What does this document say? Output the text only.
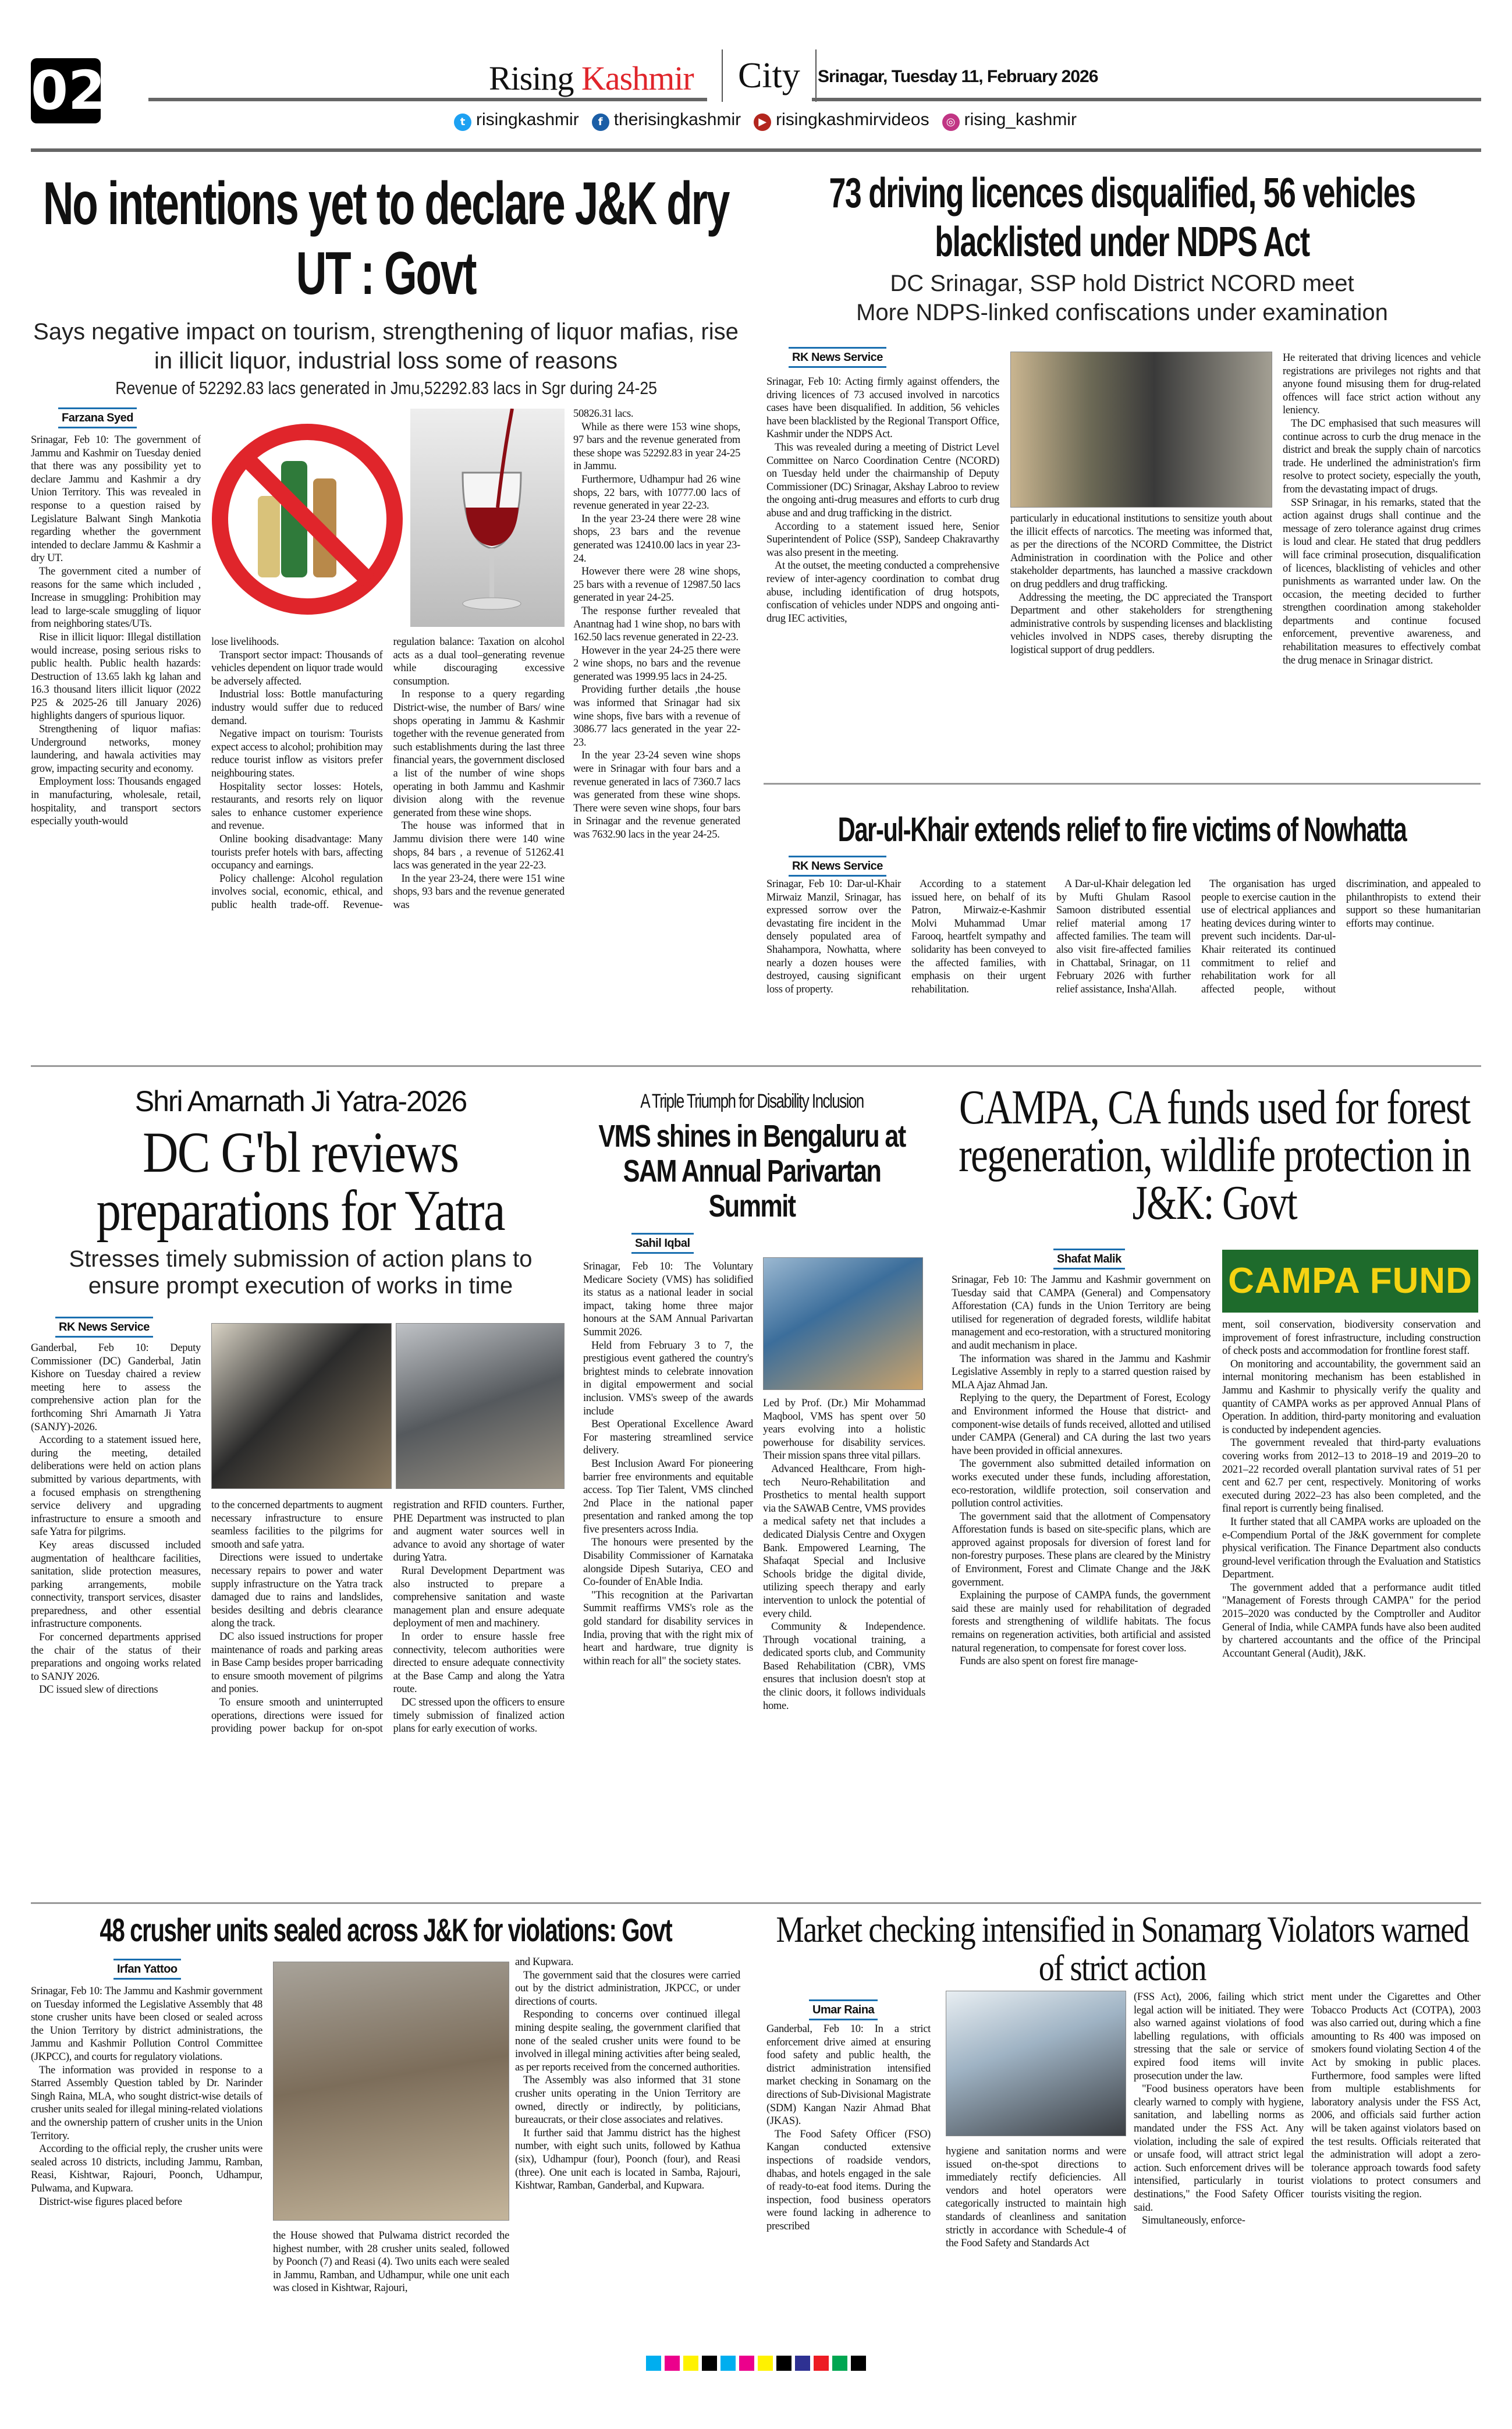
02	Rising Kashmir	City	Srinagar, Tuesday 11, February 2026
t risingkashmir	f therisingkashmir	▶ risingkashmirvideos	◎ rising_kashmir
No intentions yet to declare J&K dry UT : Govt
Says negative impact on tourism, strengthening of liquor mafias, rise in illicit liquor, industrial loss some of reasons
Revenue of 52292.83 lacs generated in Jmu,52292.83 lacs in Sgr during 24-25
Farzana Syed

Srinagar, Feb 10: The government of Jammu and Kashmir on Tuesday denied that there was any possibility yet to declare Jammu and Kashmir a dry Union Territory. This was revealed in response to a question raised by Legislature Balwant Singh Mankotia regarding whether the government intended to declare Jammu & Kashmir a dry UT.

The government cited a number of reasons for the same which included , Increase in smuggling: Prohibition may lead to large-scale smuggling of liquor from neighboring states/UTs.

Rise in illicit liquor: Illegal distillation would increase, posing serious risks to public health. Public health hazards: Destruction of 13.65 lakh kg lahan and 16.3 thousand liters illicit liquor (2022 P25 & 2025-26 till January 2026) highlights dangers of spurious liquor.

Strengthening of liquor mafias: Underground networks, money laundering, and hawala activities may grow, impacting security and economy.

Employment loss: Thousands engaged in manufacturing, wholesale, retail, hospitality, and transport sectors especially youth-would

lose livelihoods.

Transport sector impact: Thousands of vehicles dependent on liquor trade would be adversely affected.

Industrial loss: Bottle manufacturing industry would suffer due to reduced demand.

Negative impact on tourism: Tourists expect access to alcohol; prohibition may reduce tourist inflow as visitors prefer neighbouring states.

Hospitality sector losses: Hotels, restaurants, and resorts rely on liquor sales to enhance customer experience and revenue.

Online booking disadvantage: Many tourists prefer hotels with bars, affecting occupancy and earnings.

Policy challenge: Alcohol regulation involves social, economic, ethical, and public health trade-off. Revenue-regulation balance: Taxation on alcohol acts as a dual tool–generating revenue while discouraging excessive consumption.

In response to a query regarding District-wise, the number of Bars/ wine shops operating in Jammu & Kashmir together with the revenue generated from such establishments during the last three financial years, the government disclosed a list of the number of wine shops operating in both Jammu and Kashmir division along with the revenue generated from these wine shops.

The house was informed that in Jammu division there were 140 wine shops, 84 bars , a revenue of 51262.41 lacs was generated in the year 22-23.

In the year 23-24, there were 151 wine shops, 93 bars and the revenue generated was

50826.31 lacs.

While as there were 153 wine shops, 97 bars and the revenue generated from these shope was 52292.83 in year 24-25 in Jammu.

Furthermore, Udhampur had 26 wine shops, 22 bars, with 10777.00 lacs of revenue generated in year 22-23.

In the year 23-24 there were 28 wine shops, 23 bars and the revenue generated was 12410.00 lacs in year 23- 24.

However there were 28 wine shops, 25 bars with a revenue of 12987.50 lacs generated in year 24-25.

The response further revealed that Anantnag had 1 wine shop, no bars with 162.50 lacs revenue generated in 22-23.

However in the year 24-25 there were 2 wine shops, no bars and the revenue generated was 1999.95 lacs in 24-25.

Providing further details ,the house was informed that Srinagar had six wine shops, five bars with a revenue of 3086.77 lacs generated in the year 22-23.

In the year 23-24 seven wine shops were in Srinagar with four bars and a revenue generated in lacs of 7360.7 lacs was generated from these wine shops. There were seven wine shops, four bars in Srinagar and the revenue generated was 7632.90 lacs in the year 24-25.

73 driving licences disqualified, 56 vehicles blacklisted under NDPS Act
DC Srinagar, SSP hold District NCORD meet
More NDPS-linked confiscations under examination
RK News Service

Srinagar, Feb 10: Acting firmly against offenders, the driving licences of 73 accused involved in narcotics cases have been disqualified. In addition, 56 vehicles have been blacklisted by the Regional Transport Office, Kashmir under the NDPS Act.

This was revealed during a meeting of District Level Committee on Narco Coordination Centre (NCORD) on Tuesday held under the chairmanship of Deputy Commissioner (DC) Srinagar, Akshay Labroo to review the ongoing anti-drug measures and efforts to curb drug abuse and and drug trafficking in the district.

According to a statement issued here, Senior Superintendent of Police (SSP), Sandeep Chakravarthy was also present in the meeting.

At the outset, the meeting conducted a comprehensive review of inter-agency coordination to combat drug abuse, including identification of drug hotspots, confiscation of vehicles under NDPS and ongoing anti-drug IEC activities,

particularly in educational institutions to sensitize youth about the illicit effects of narcotics. The meeting was informed that, as per the directions of the NCORD Committee, the District Administration in coordination with the Police and other stakeholder departments, has launched a massive crackdown on drug peddlers and drug trafficking.

Addressing the meeting, the DC appreciated the Transport Department and other stakeholders for strengthening administrative controls by suspending licenses and blacklisting vehicles involved in NDPS cases, thereby disrupting the logistical support of drug peddlers.

He reiterated that driving licences and vehicle registrations are privileges not rights and that anyone found misusing them for drug-related offences will face strict action without any leniency.

The DC emphasised that such measures will continue across to curb the drug menace in the district and break the supply chain of narcotics trade. He underlined the administration's firm resolve to protect society, especially the youth, from the devastating impact of drugs.

SSP Srinagar, in his remarks, stated that the action against drugs shall continue and the message of zero tolerance against drug crimes is loud and clear. He stated that drug peddlers will face criminal prosecution, disqualification of licences, blacklisting of vehicles and other punishments as warranted under law. On the occasion, the meeting decided to further strengthen coordination among stakeholder departments and continue focused enforcement, preventive awareness, and rehabilitation measures to effectively combat the drug menace in Srinagar district.

Dar-ul-Khair extends relief to fire victims of Nowhatta
RK News Service

Srinagar, Feb 10: Dar-ul-Khair Mirwaiz Manzil, Srinagar, has expressed sorrow over the devastating fire incident in the densely populated area of Shahampora, Nowhatta, where nearly a dozen houses were destroyed, causing significant loss of property.

According to a statement issued here, on behalf of its Patron, Mirwaiz-e-Kashmir Molvi Muhammad Umar Farooq, heartfelt sympathy and solidarity has been conveyed to the affected families, with emphasis on their urgent rehabilitation.

A Dar-ul-Khair delegation led by Mufti Ghulam Rasool Samoon distributed essential relief material among 17 affected families. The team will also visit fire-affected families in Chattabal, Srinagar, on 11 February 2026 with further relief assistance, Insha'Allah.

The organisation has urged people to exercise caution in the use of electrical appliances and heating devices during winter to prevent such incidents. Dar-ul-Khair reiterated its continued commitment to relief and rehabilitation work for all affected people, without discrimination, and appealed to philanthropists to extend their support so these humanitarian efforts may continue.

Shri Amarnath Ji Yatra-2026
DC G'bl reviews preparations for Yatra
Stresses timely submission of action plans to ensure prompt execution of works in time
RK News Service

Ganderbal, Feb 10: Deputy Commissioner (DC) Ganderbal, Jatin Kishore on Tuesday chaired a review meeting here to assess the comprehensive action plan for the forthcoming Shri Amarnath Ji Yatra (SANJY)-2026.

According to a statement issued here, during the meeting, detailed deliberations were held on action plans submitted by various departments, with a focused emphasis on strengthening service delivery and upgrading infrastructure to ensure a smooth and safe Yatra for pilgrims.

Key areas discussed included augmentation of healthcare facilities, sanitation, slide protection measures, parking arrangements, mobile connectivity, transport services, disaster preparedness, and other essential infrastructure components.

For concerned departments apprised the chair of the status of their preparations and ongoing works related to SANJY 2026.

DC issued slew of directions

to the concerned departments to augment necessary infrastructure to ensure seamless facilities to the pilgrims for smooth and safe yatra.

Directions were issued to undertake necessary repairs to power and water supply infrastructure on the Yatra track damaged due to rains and landslides, besides desilting and debris clearance along the track.

DC also issued instructions for proper maintenance of roads and parking areas in Base Camp besides proper barricading to ensure smooth movement of pilgrims and ponies.

To ensure smooth and uninterrupted operations, directions were issued for providing power backup for on-spot registration and RFID counters. Further, PHE Department was instructed to plan and augment water sources well in advance to avoid any shortage of water during Yatra.

Rural Development Department was also instructed to prepare a comprehensive sanitation and waste management plan and ensure adequate deployment of men and machinery.

In order to ensure hassle free connectivity, telecom authorities were directed to ensure adequate connectivity at the Base Camp and along the Yatra route.

DC stressed upon the officers to ensure timely submission of finalized action plans for early execution of works.

A Triple Triumph for Disability Inclusion
VMS shines in Bengaluru at SAM Annual Parivartan Summit
Sahil Iqbal

Srinagar, Feb 10: The Voluntary Medicare Society (VMS) has solidified its status as a national leader in social impact, taking home three major honours at the SAM Annual Parivartan Summit 2026.

Held from February 3 to 7, the prestigious event gathered the country's brightest minds to celebrate innovation in digital empowerment and social inclusion. VMS's sweep of the awards include

Best Operational Excellence Award For mastering streamlined service delivery.

Best Inclusion Award For pioneering barrier free environments and equitable access. Top Tier Talent, VMS clinched 2nd Place in the national paper presentation and ranked among the top five presenters across India.

The honours were presented by the Disability Commissioner of Karnataka alongside Dipesh Sutariya, CEO and Co-founder of EnAble India.

"This recognition at the Parivartan Summit reaffirms VMS's role as the gold standard for disability services in India, proving that with the right mix of heart and hardware, true dignity is within reach for all" the society states.

Led by Prof. (Dr.) Mir Mohammad Maqbool, VMS has spent over 50 years evolving into a holistic powerhouse for disability services. Their mission spans three vital pillars.

Advanced Healthcare, From high-tech Neuro-Rehabilitation and Prosthetics to mental health support via the SAWAB Centre, VMS provides a medical safety net that includes a dedicated Dialysis Centre and Oxygen Bank. Empowered Learning, The Shafaqat Special and Inclusive Schools bridge the digital divide, utilizing speech therapy and early intervention to unlock the potential of every child.

Community & Independence. Through vocational training, a dedicated sports club, and Community Based Rehabilitation (CBR), VMS ensures that inclusion doesn't stop at the clinic doors, it follows individuals home.

CAMPA, CA funds used for forest regeneration, wildlife protection in J&K: Govt
Shafat Malik

Srinagar, Feb 10: The Jammu and Kashmir government on Tuesday said that CAMPA (General) and Compensatory Afforestation (CA) funds in the Union Territory are being utilised for regeneration of degraded forests, wildlife habitat management and eco-restoration, with a structured monitoring and audit mechanism in place.

The information was shared in the Jammu and Kashmir Legislative Assembly in reply to a starred question raised by MLA Ajaz Ahmad Jan.

Replying to the query, the Department of Forest, Ecology and Environment informed the House that district- and component-wise details of funds received, allotted and utilised under CAMPA (General) and CA during the last two years have been provided in official annexures.

The government also submitted detailed information on works executed under these funds, including afforestation, eco-restoration, wildlife protection, soil conservation and pollution control activities.

The government said that the allotment of Compensatory Afforestation funds is based on site-specific plans, which are approved against proposals for diversion of forest land for non-forestry purposes. These plans are cleared by the Ministry of Environment, Forest and Climate Change and the J&K government.

Explaining the purpose of CAMPA funds, the government said these are mainly used for rehabilitation of degraded forests and strengthening of wildlife habitats. The focus remains on regeneration activities, both artificial and assisted natural regeneration, to compensate for forest cover loss.

Funds are also spent on forest fire manage-

CAMPA FUND

ment, soil conservation, biodiversity conservation and improvement of forest infrastructure, including construction of check posts and accommodation for frontline forest staff.

On monitoring and accountability, the government said an internal monitoring mechanism has been established in Jammu and Kashmir to physically verify the quality and quantity of CAMPA works as per approved Annual Plans of Operation. In addition, third-party monitoring and evaluation is conducted by independent agencies.

The government revealed that third-party evaluations covering works from 2012–13 to 2018–19 and 2019–20 to 2021–22 recorded overall plantation survival rates of 51 per cent and 62.7 per cent, respectively. Monitoring of works executed during 2022–23 has also been completed, and the final report is currently being finalised.

It further stated that all CAMPA works are uploaded on the e-Compendium Portal of the J&K government for complete physical verification. The Finance Department also conducts ground-level verification through the Evaluation and Statistics Department.

The government added that a performance audit titled "Management of Forests through CAMPA" for the period 2015–2020 was conducted by the Comptroller and Auditor General of India, while CAMPA funds have also been audited by chartered accountants and the office of the Principal Accountant General (Audit), J&K.

48 crusher units sealed across J&K for violations: Govt
Irfan Yattoo

Srinagar, Feb 10: The Jammu and Kashmir government on Tuesday informed the Legislative Assembly that 48 stone crusher units have been closed or sealed across the Union Territory by district administrations, the Jammu and Kashmir Pollution Control Committee (JKPCC), and courts for regulatory violations.

The information was provided in response to a Starred Assembly Question tabled by Dr. Narinder Singh Raina, MLA, who sought district-wise details of crusher units sealed for illegal mining-related violations and the ownership pattern of crusher units in the Union Territory.

According to the official reply, the crusher units were sealed across 10 districts, including Jammu, Ramban, Reasi, Kishtwar, Rajouri, Poonch, Udhampur, Pulwama, and Kupwara.

District-wise figures placed before

the House showed that Pulwama district recorded the highest number, with 28 crusher units sealed, followed by Poonch (7) and Reasi (4). Two units each were sealed in Jammu, Ramban, and Udhampur, while one unit each was closed in Kishtwar, Rajouri,

and Kupwara.

The government said that the closures were carried out by the district administration, JKPCC, or under directions of courts.

Responding to concerns over continued illegal mining despite sealing, the government clarified that none of the sealed crusher units were found to be involved in illegal mining activities after being sealed, as per reports received from the concerned authorities.

The Assembly was also informed that 31 stone crusher units operating in the Union Territory are owned, directly or indirectly, by politicians, bureaucrats, or their close associates and relatives.

It further said that Jammu district has the highest number, with eight such units, followed by Kathua (six), Udhampur (four), Poonch (four), and Reasi (three). One unit each is located in Samba, Rajouri, Kishtwar, Ramban, Ganderbal, and Kupwara.

Market checking intensified in Sonamarg Violators warned of strict action
Umar Raina

Ganderbal, Feb 10: In a strict enforcement drive aimed at ensuring food safety and public health, the district administration intensified market checking in Sonamarg on the directions of Sub-Divisional Magistrate (SDM) Kangan Nazir Ahmad Bhat (JKAS).

The Food Safety Officer (FSO) Kangan conducted extensive inspections of roadside vendors, dhabas, and hotels engaged in the sale of ready-to-eat food items. During the inspection, food business operators were found lacking in adherence to prescribed

hygiene and sanitation norms and were issued on-the-spot directions to immediately rectify deficiencies. All vendors and hotel operators were categorically instructed to maintain high standards of cleanliness and sanitation strictly in accordance with Schedule-4 of the Food Safety and Standards Act

(FSS Act), 2006, failing which strict legal action will be initiated. They were also warned against violations of food labelling regulations, with officials stressing that the sale or service of expired food items will invite prosecution under the law.

"Food business operators have been clearly warned to comply with hygiene, sanitation, and labelling norms as mandated under the FSS Act. Any violation, including the sale of expired or unsafe food, will attract strict legal action. Such enforcement drives will be intensified, particularly in tourist destinations," the Food Safety Officer said.

Simultaneously, enforce-

ment under the Cigarettes and Other Tobacco Products Act (COTPA), 2003 was also carried out, during which a fine amounting to Rs 400 was imposed on smokers found violating Section 4 of the Act by smoking in public places. Furthermore, food samples were lifted from multiple establishments for laboratory analysis under the FSS Act, 2006, and officials said further action will be taken against violators based on the test results. Officials reiterated that the administration will adopt a zero-tolerance approach towards food safety violations to protect consumers and tourists visiting the region.
